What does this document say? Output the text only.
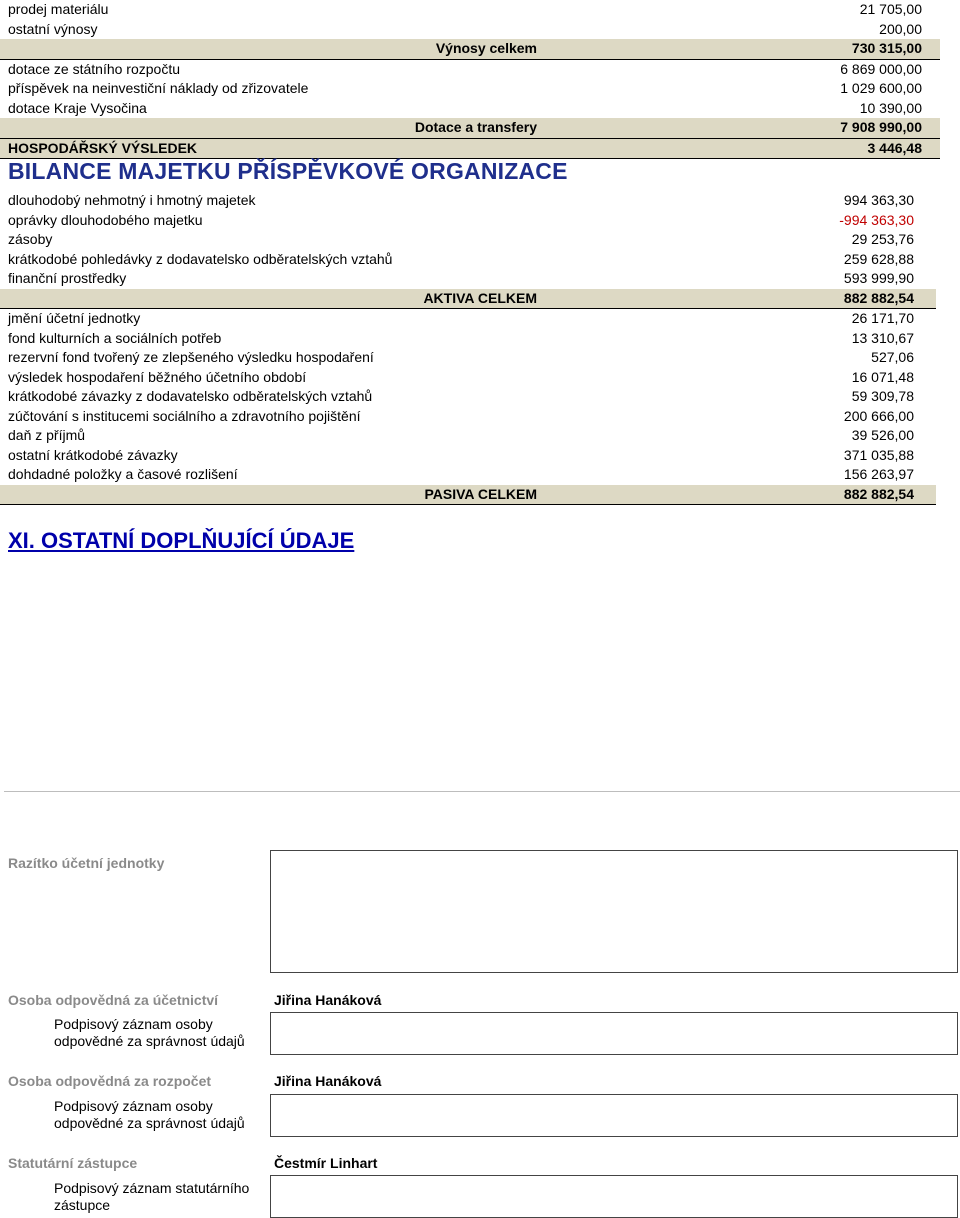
prodej materiálu	21 705,00
ostatní výnosy	200,00
Výnosy celkem	730 315,00
dotace ze státního rozpočtu	6 869 000,00
příspěvek na neinvestiční náklady od zřizovatele	1 029 600,00
dotace Kraje Vysočina	10 390,00
Dotace a transfery	7 908 990,00
HOSPODÁŘSKÝ VÝSLEDEK	3 446,48
BILANCE MAJETKU PŘÍSPĚVKOVÉ ORGANIZACE
dlouhodobý nehmotný i hmotný majetek	994 363,30
oprávky dlouhodobého majetku	-994 363,30
zásoby	29 253,76
krátkodobé pohledávky z dodavatelsko odběratelských vztahů	259 628,88
finanční prostředky	593 999,90
AKTIVA CELKEM	882 882,54
jmění účetní jednotky	26 171,70
fond kulturních a sociálních potřeb	13 310,67
rezervní fond tvořený ze zlepšeného výsledku hospodaření	527,06
výsledek hospodaření běžného účetního období	16 071,48
krátkodobé závazky z dodavatelsko odběratelských vztahů	59 309,78
zúčtování s institucemi sociálního a zdravotního pojištění	200 666,00
daň z příjmů	39 526,00
ostatní krátkodobé závazky	371 035,88
dohdadné položky a časové rozlišení	156 263,97
PASIVA CELKEM	882 882,54
XI. OSTATNÍ DOPLŇUJÍCÍ ÚDAJE
Razítko účetní jednotky
Osoba odpovědná za účetnictví	Jiřina Hanáková
Podpisový záznam osoby odpovědné za správnost údajů
Osoba odpovědná za rozpočet	Jiřina Hanáková
Podpisový záznam osoby odpovědné za správnost údajů
Statutární zástupce	Čestmír Linhart
Podpisový záznam statutárního zástupce
